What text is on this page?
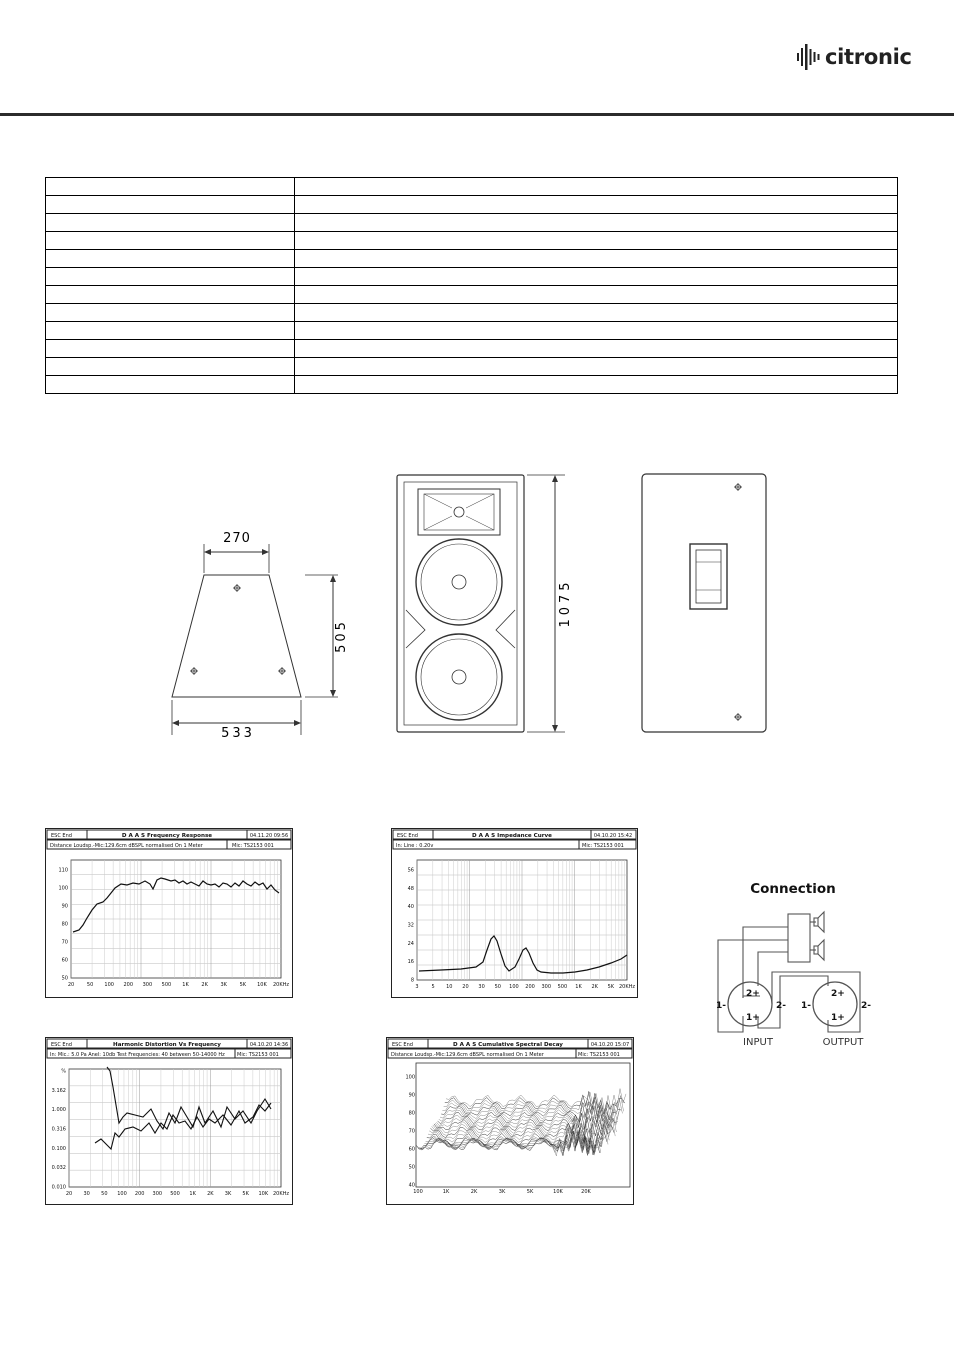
citronic

270
505
533
1075
ESC End	D A A S Frequency Response	04.11.20 09:56
Distance Loudsp.-Mic:129.6cm dBSPL normalised On 1 Meter	Mic: TS2153 001
110
100
90
80
70
60
50
20	50 100 200 300 500 1K	2K	3K	5K 10K 20KHz
ESC End	D A A S Impedance Curve	04.10.20 15:42
In: Line : 0.20v	Mic: TS2153 001
56
48
40
32
24
16
8
3	5 10 20 30 50 100 200 300 500 1K 2K 5K 20KHz
ESC End	Harmonic Distortion Vs Frequency	04.10.20 14:36
In: Mic.: 5.0 Pa Anel: 10db Test Frequencies: 40 between 50-14000 Hz Mic: TS2153 001
%
3.162
1.000
0.316
0.100
0.032
0.010
20 30 50 100 200 300 500 1K 2K 3K 5K 10K 20KHz
ESC End	D A A S Cumulative Spectral Decay	04.10.20 15:07
Distance Loudsp.-Mic:129.6cm dBSPL normalised On 1 Meter	Mic: TS2153 001
100
90
80
70
60
50
40
100	1K	2K	3K	5K	10K	20K
Connection
1-
2+
2-
1+
1-
2+
2-
1+
INPUT	OUTPUT
